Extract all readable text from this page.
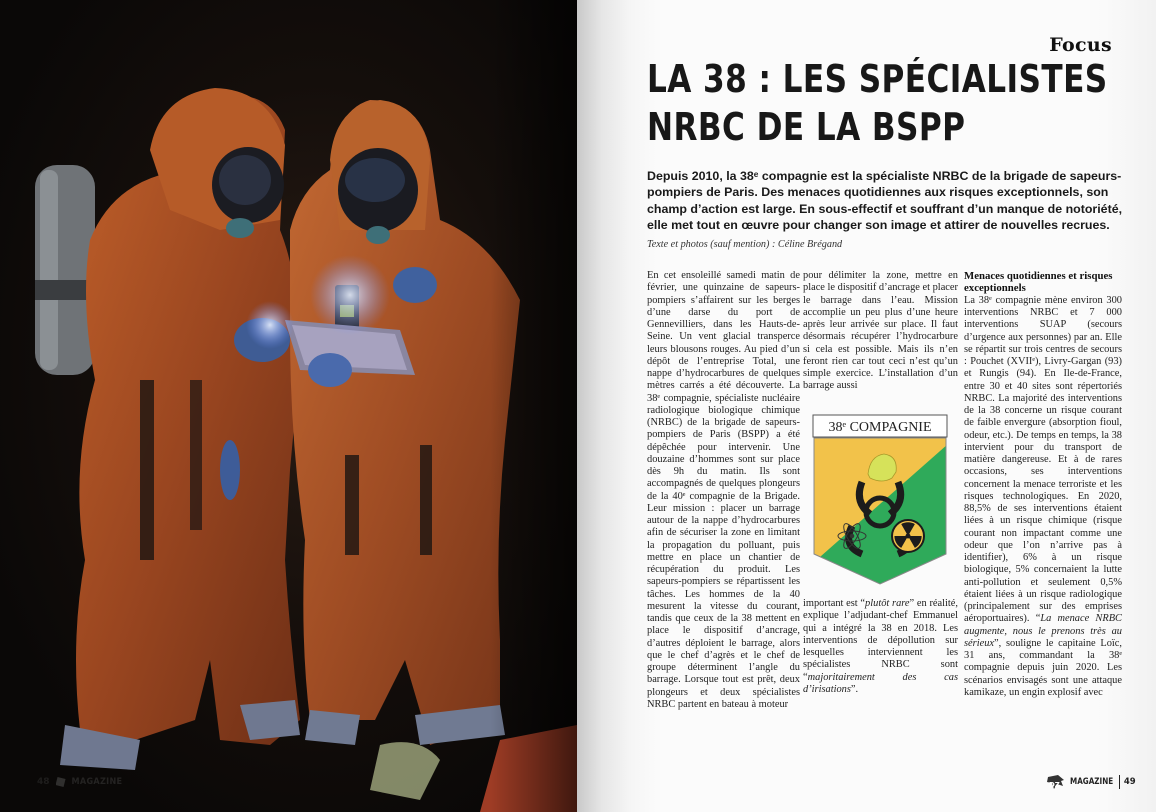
48 MAGAZINE
Focus
LA 38 : LES SPÉCIALISTES
NRBC DE LA BSPP

Depuis 2010, la 38ᵉ compagnie est la spécialiste NRBC de la brigade de sapeurs-pompiers de Paris. Des menaces quotidiennes aux risques exceptionnels, son champ d’action est large. En sous-effectif et souffrant d’un manque de notoriété, elle met tout en œuvre pour changer son image et attirer de nouvelles recrues.

Texte et photos (sauf mention) : Céline Brégand

En cet ensoleillé samedi matin de février, une quinzaine de sapeurs-pompiers s’affairent sur les berges d’une darse du port de Gennevilliers, dans les Hauts-de-Seine. Un vent glacial transperce leurs blousons rouges. Au pied d’un dépôt de l’entreprise Total, une nappe d’hydrocarbures de quelques mètres carrés a été découverte. La 38ᵉ compagnie, spécialiste nucléaire radiologique biologique chimique (NRBC) de la brigade de sapeurs-pompiers de Paris (BSPP) a été dépêchée pour intervenir. Une douzaine d’hommes sont sur place dès 9h du matin. Ils sont accompagnés de quelques plongeurs de la 40ᵉ compagnie de la Brigade. Leur mission : placer un barrage autour de la nappe d’hydrocarbures afin de sécuriser la zone en limitant la propagation du polluant, puis mettre en place un chantier de récupération du produit. Les sapeurs-pompiers se répartissent les tâches. Les hommes de la 40 mesurent la vitesse du courant, tandis que ceux de la 38 mettent en place le dispositif d’ancrage, d’autres déploient le barrage, alors que le chef d’agrès et le chef de groupe déterminent l’angle du barrage. Lorsque tout est prêt, deux plongeurs et deux spécialistes NRBC partent en bateau à moteur

pour délimiter la zone, mettre en place le dispositif d’ancrage et placer le barrage dans l’eau. Mission accomplie un peu plus d’une heure après leur arrivée sur place. Il faut désormais récupérer l’hydrocarbure si cela est possible. Mais ils n’en feront rien car tout ceci n’est qu’un simple exercice. L’installation d’un barrage aussi

38ᵉ COMPAGNIE

important est “plutôt rare” en réalité, explique l’adjudant-chef Emmanuel qui a intégré la 38 en 2018. Les interventions de dépollution sur lesquelles interviennent les spécialistes NRBC sont “majoritairement des cas d’irisations”.

Menaces quotidiennes et risques exceptionnels

La 38ᵉ compagnie mène environ 300 interventions NRBC et 7 000 interventions SUAP (secours d’urgence aux personnes) par an. Elle se répartit sur trois centres de secours : Pouchet (XVIIᵉ), Livry-Gargan (93) et Rungis (94). En Ile-de-France, entre 30 et 40 sites sont répertoriés NRBC. La majorité des interventions de la 38 concerne un risque courant de faible envergure (absorption fioul, odeur, etc.). De temps en temps, la 38 intervient pour du transport de matière dangereuse. Et à de rares occasions, ses interventions concernent la menace terroriste et les risques technologiques. En 2020, 88,5% de ses interventions étaient liées à un risque chimique (risque courant non impactant comme une odeur que l’on n’arrive pas à identifier), 6% à un risque biologique, 5% concernaient la lutte anti-pollution et seulement 0,5% étaient liées à un risque radiologique (principalement sur des emprises aéroportuaires). “La menace NRBC augmente, nous le prenons très au sérieux”, souligne le capitaine Loïc, 31 ans, commandant la 38ᵉ compagnie depuis juin 2020. Les scénarios envisagés sont une attaque kamikaze, un engin explosif avec

DZ MAGAZINE 49
